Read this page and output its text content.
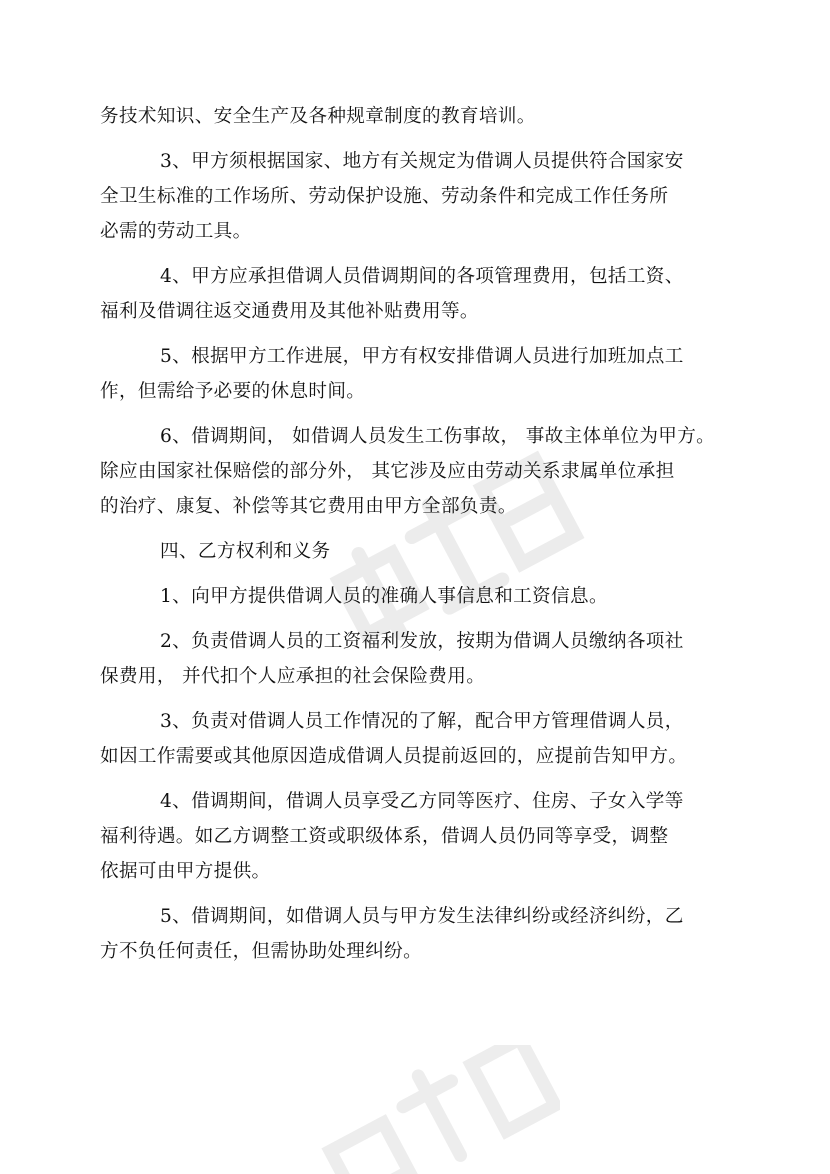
务技术知识、安全生产及各种规章制度的教育培训。
3、甲方须根据国家、地方有关规定为借调人员提供符合国家安
全卫生标准的工作场所、劳动保护设施、劳动条件和完成工作任务所
必需的劳动工具。
4、甲方应承担借调人员借调期间的各项管理费用，包括工资、
福利及借调往返交通费用及其他补贴费用等。
5、根据甲方工作进展，甲方有权安排借调人员进行加班加点工
作，但需给予必要的休息时间。
6、借调期间， 如借调人员发生工伤事故， 事故主体单位为甲方。
除应由国家社保赔偿的部分外， 其它涉及应由劳动关系隶属单位承担
的治疗、康复、补偿等其它费用由甲方全部负责。
四、乙方权利和义务
1、向甲方提供借调人员的准确人事信息和工资信息。
2、负责借调人员的工资福利发放，按期为借调人员缴纳各项社
保费用， 并代扣个人应承担的社会保险费用。
3、负责对借调人员工作情况的了解，配合甲方管理借调人员，
如因工作需要或其他原因造成借调人员提前返回的，应提前告知甲方。
4、借调期间，借调人员享受乙方同等医疗、住房、子女入学等
福利待遇。如乙方调整工资或职级体系，借调人员仍同等享受，调整
依据可由甲方提供。
5、借调期间，如借调人员与甲方发生法律纠纷或经济纠纷，乙
方不负任何责任，但需协助处理纠纷。
